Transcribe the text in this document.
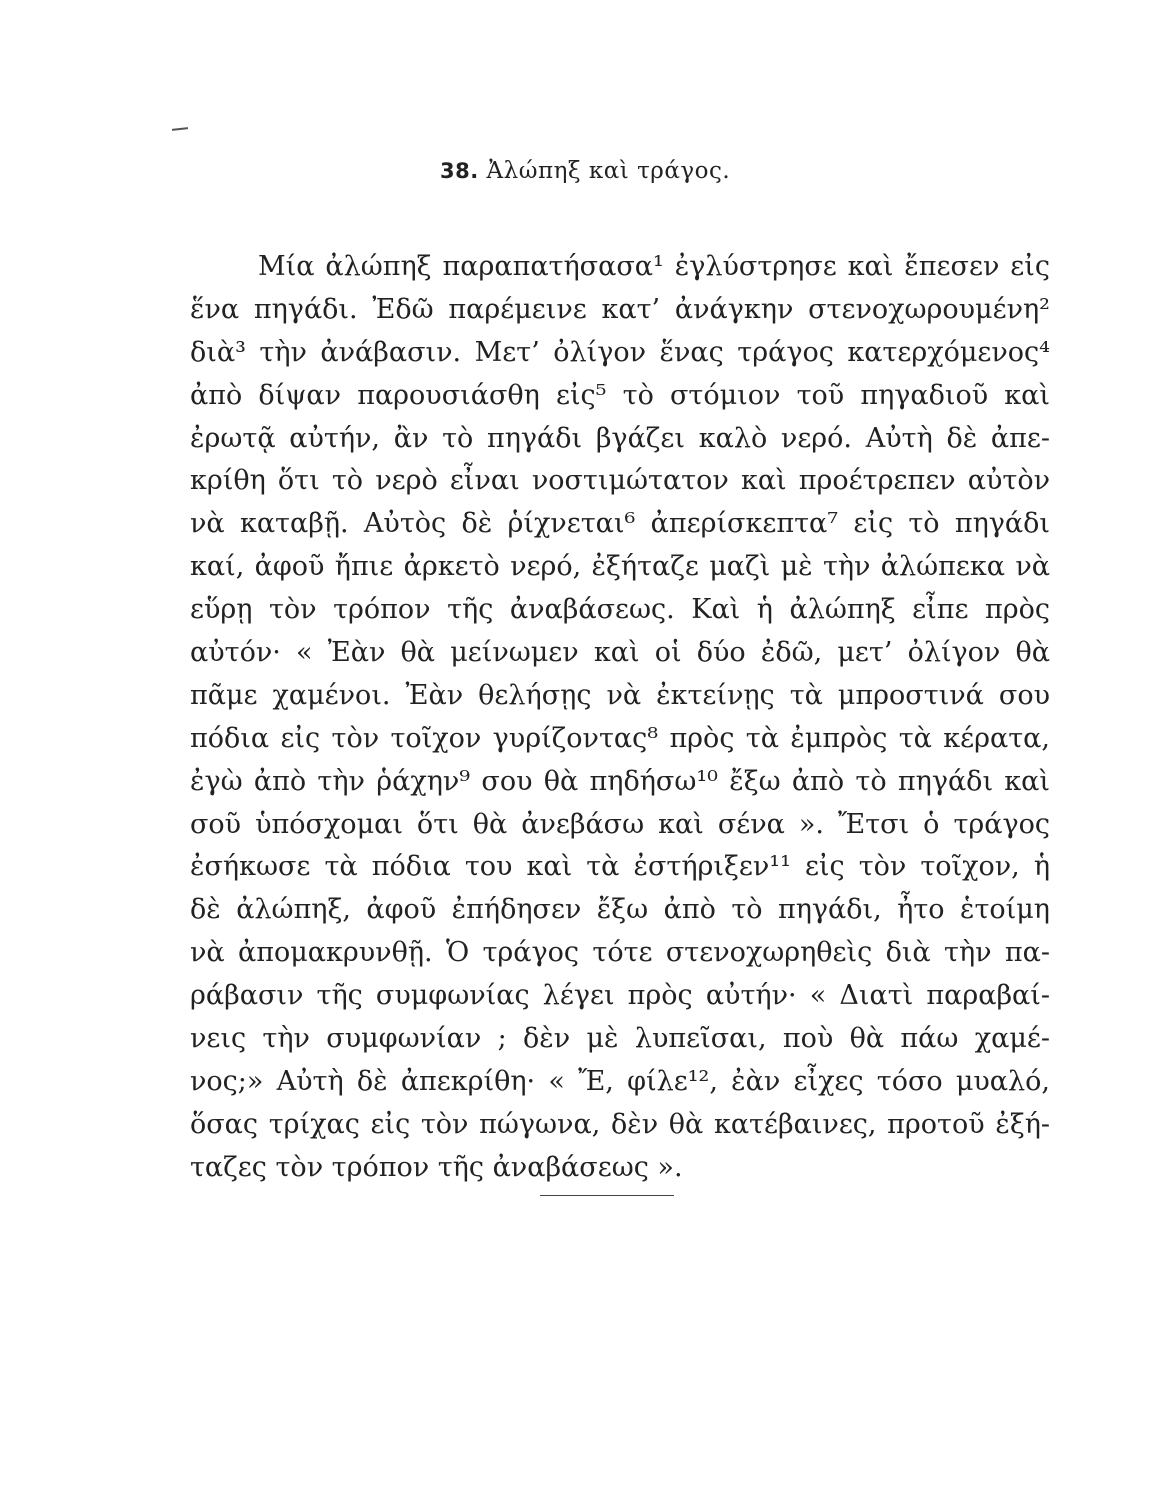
38. Ἀλώπηξ καὶ τράγος.
Μία ἀλώπηξ παραπατήσασα¹ ἐγλύστρησε καὶ ἔπεσεν εἰς
ἕνα πηγάδι. Ἐδῶ παρέμεινε κατ’ ἀνάγκην στενοχωρουμένη²
διὰ³ τὴν ἀνάβασιν. Μετ’ ὀλίγον ἕνας τράγος κατερχόμενος⁴
ἀπὸ δίψαν παρουσιάσθη εἰς⁵ τὸ στόμιον τοῦ πηγαδιοῦ καὶ
ἐρωτᾷ αὐτήν, ἂν τὸ πηγάδι βγάζει καλὸ νερό. Αὐτὴ δὲ ἀπε-
κρίθη ὅτι τὸ νερὸ εἶναι νοστιμώτατον καὶ προέτρεπεν αὐτὸν
νὰ καταβῇ. Αὐτὸς δὲ ῥίχνεται⁶ ἀπερίσκεπτα⁷ εἰς τὸ πηγάδι
καί, ἀφοῦ ἤπιε ἀρκετὸ νερό, ἐξήταζε μαζὶ μὲ τὴν ἀλώπεκα νὰ
εὕρῃ τὸν τρόπον τῆς ἀναβάσεως. Καὶ ἡ ἀλώπηξ εἶπε πρὸς
αὐτόν· « Ἐὰν θὰ μείνωμεν καὶ οἱ δύο ἐδῶ, μετ’ ὀλίγον θὰ
πᾶμε χαμένοι. Ἐὰν θελήσῃς νὰ ἐκτείνῃς τὰ μπροστινά σου
πόδια εἰς τὸν τοῖχον γυρίζοντας⁸ πρὸς τὰ ἐμπρὸς τὰ κέρατα,
ἐγὼ ἀπὸ τὴν ῥάχην⁹ σου θὰ πηδήσω¹⁰ ἔξω ἀπὸ τὸ πηγάδι καὶ
σοῦ ὑπόσχομαι ὅτι θὰ ἀνεβάσω καὶ σένα ». Ἔτσι ὁ τράγος
ἐσήκωσε τὰ πόδια του καὶ τὰ ἐστήριξεν¹¹ εἰς τὸν τοῖχον, ἡ
δὲ ἀλώπηξ, ἀφοῦ ἐπήδησεν ἔξω ἀπὸ τὸ πηγάδι, ἦτο ἑτοίμη
νὰ ἀπομακρυνθῇ. Ὁ τράγος τότε στενοχωρηθεὶς διὰ τὴν πα-
ράβασιν τῆς συμφωνίας λέγει πρὸς αὐτήν· « Διατὶ παραβαί-
νεις τὴν συμφωνίαν ; δὲν μὲ λυπεῖσαι, ποὺ θὰ πάω χαμέ-
νος;» Αὐτὴ δὲ ἀπεκρίθη· « Ἔ, φίλε¹², ἐὰν εἶχες τόσο μυαλό,
ὅσας τρίχας εἰς τὸν πώγωνα, δὲν θὰ κατέβαινες, προτοῦ ἐξή-
ταζες τὸν τρόπον τῆς ἀναβάσεως ».
